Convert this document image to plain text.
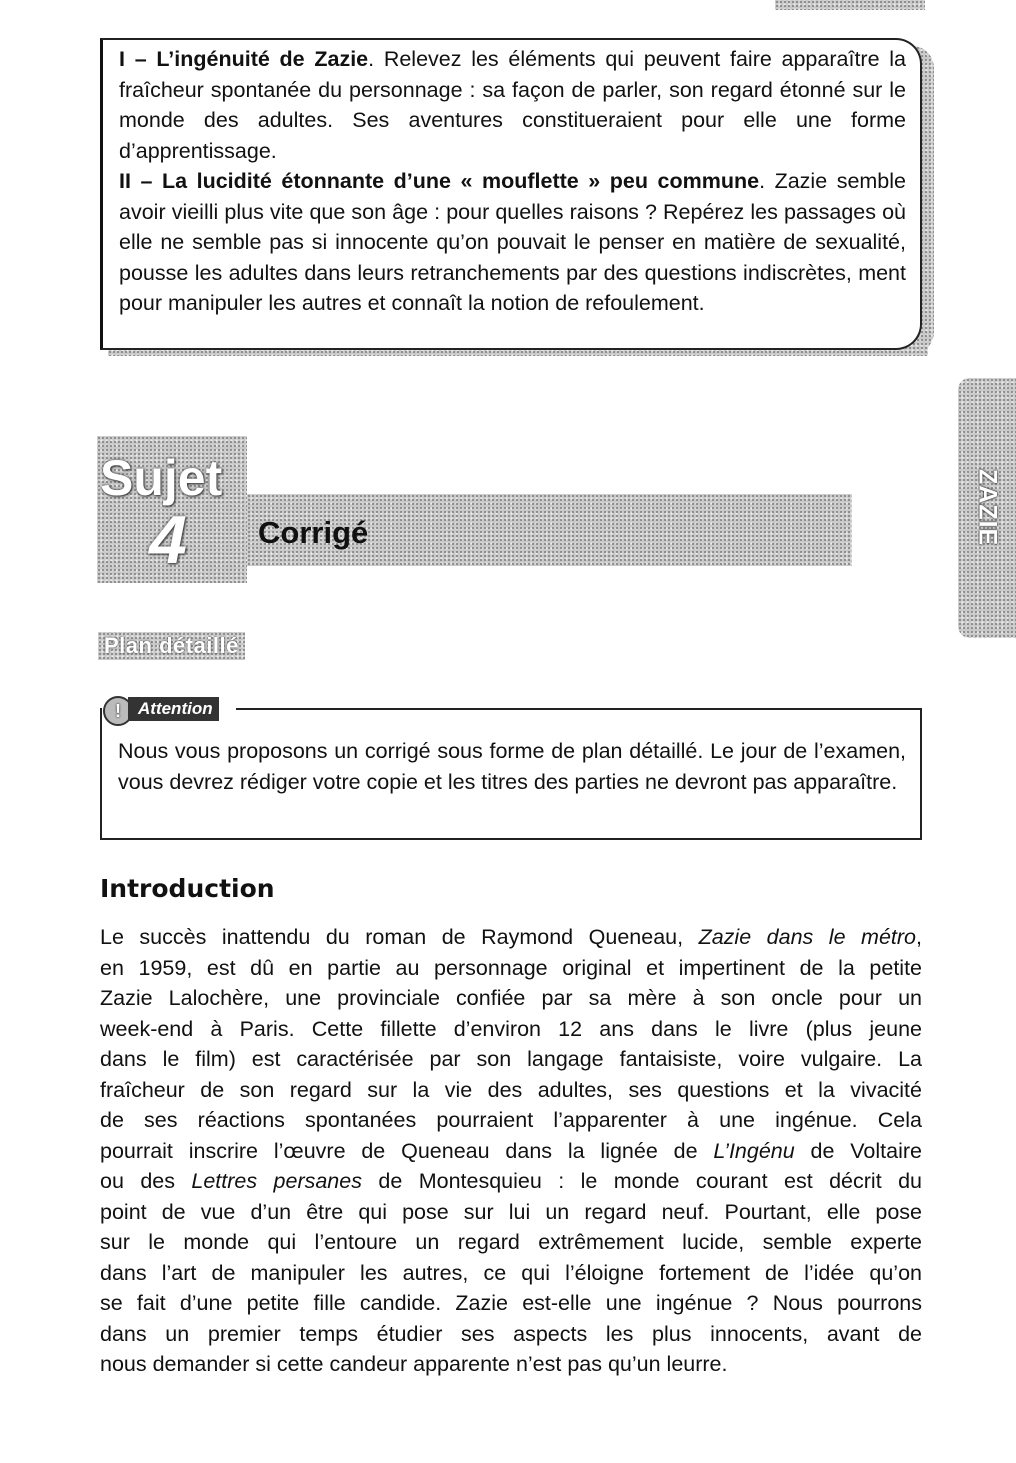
I – L’ingénuité de Zazie. Relevez les éléments qui peuvent faire apparaître la fraîcheur spontanée du personnage : sa façon de parler, son regard étonné sur le monde des adultes. Ses aventures constitueraient pour elle une forme d’apprentissage.

II – La lucidité étonnante d’une « mouflette » peu commune. Zazie semble avoir vieilli plus vite que son âge : pour quelles raisons ? Repérez les passages où elle ne semble pas si innocente qu’on pouvait le penser en matière de sexualité, pousse les adultes dans leurs retranchements par des questions indiscrètes, ment pour manipuler les autres et connaît la notion de refoulement.

ZAZIE
Sujet
4	Corrigé
Plan détaillé

Nous vous proposons un corrigé sous forme de plan détaillé. Le jour de l’examen, vous devrez rédiger votre copie et les titres des parties ne devront pas apparaître.

!	Attention
Introduction

Le succès inattendu du roman de Raymond Queneau, Zazie dans le métro,
en 1959, est dû en partie au personnage original et impertinent de la petite
Zazie Lalochère, une provinciale confiée par sa mère à son oncle pour un
week-end à Paris. Cette fillette d’environ 12 ans dans le livre (plus jeune
dans le film) est caractérisée par son langage fantaisiste, voire vulgaire. La
fraîcheur de son regard sur la vie des adultes, ses questions et la vivacité
de ses réactions spontanées pourraient l’apparenter à une ingénue. Cela
pourrait inscrire l’œuvre de Queneau dans la lignée de L’Ingénu de Voltaire
ou des Lettres persanes de Montesquieu : le monde courant est décrit du
point de vue d’un être qui pose sur lui un regard neuf. Pourtant, elle pose
sur le monde qui l’entoure un regard extrêmement lucide, semble experte
dans l’art de manipuler les autres, ce qui l’éloigne fortement de l’idée qu’on
se fait d’une petite fille candide. Zazie est-elle une ingénue ? Nous pourrons
dans un premier temps étudier ses aspects les plus innocents, avant de
nous demander si cette candeur apparente n’est pas qu’un leurre.
